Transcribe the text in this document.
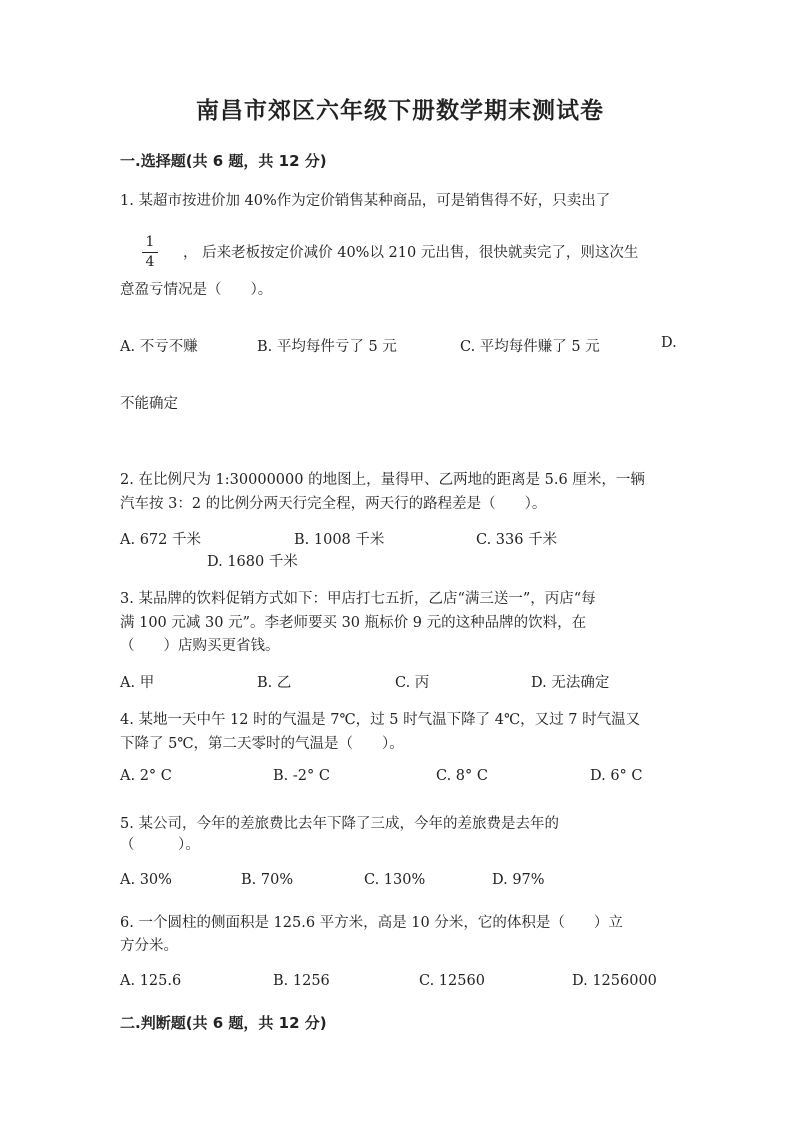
南昌市郊区六年级下册数学期末测试卷
一.选择题(共 6 题，共 12 分)
1. 某超市按进价加 40%作为定价销售某种商品，可是销售得不好，只卖出了
1
4
， 后来老板按定价减价 40%以 210 元出售，很快就卖完了，则这次生
意盈亏情况是（　　）。
A. 不亏不赚	B. 平均每件亏了 5 元	C. 平均每件赚了 5 元	D.
不能确定
2. 在比例尺为 1:30000000 的地图上，量得甲、乙两地的距离是 5.6 厘米，一辆
汽车按 3：2 的比例分两天行完全程，两天行的路程差是（　　）。
A. 672 千米	B. 1008 千米	C. 336 千米
D. 1680 千米
3. 某品牌的饮料促销方式如下：甲店打七五折，乙店“满三送一”，丙店“每
满 100 元减 30 元”。李老师要买 30 瓶标价 9 元的这种品牌的饮料，在
（　　）店购买更省钱。
A. 甲	B. 乙	C. 丙	D. 无法确定
4. 某地一天中午 12 时的气温是 7℃，过 5 时气温下降了 4℃，又过 7 时气温又
下降了 5℃，第二天零时的气温是（　　）。
A. 2° C	B. -2° C	C. 8° C	D. 6° C
5. 某公司，今年的差旅费比去年下降了三成，今年的差旅费是去年的
（　　　）。
A. 30%	B. 70%	C. 130%	D. 97%
6. 一个圆柱的侧面积是 125.6 平方米，高是 10 分米，它的体积是（　　）立
方分米。
A. 125.6	B. 1256	C. 12560	D. 1256000
二.判断题(共 6 题，共 12 分)
